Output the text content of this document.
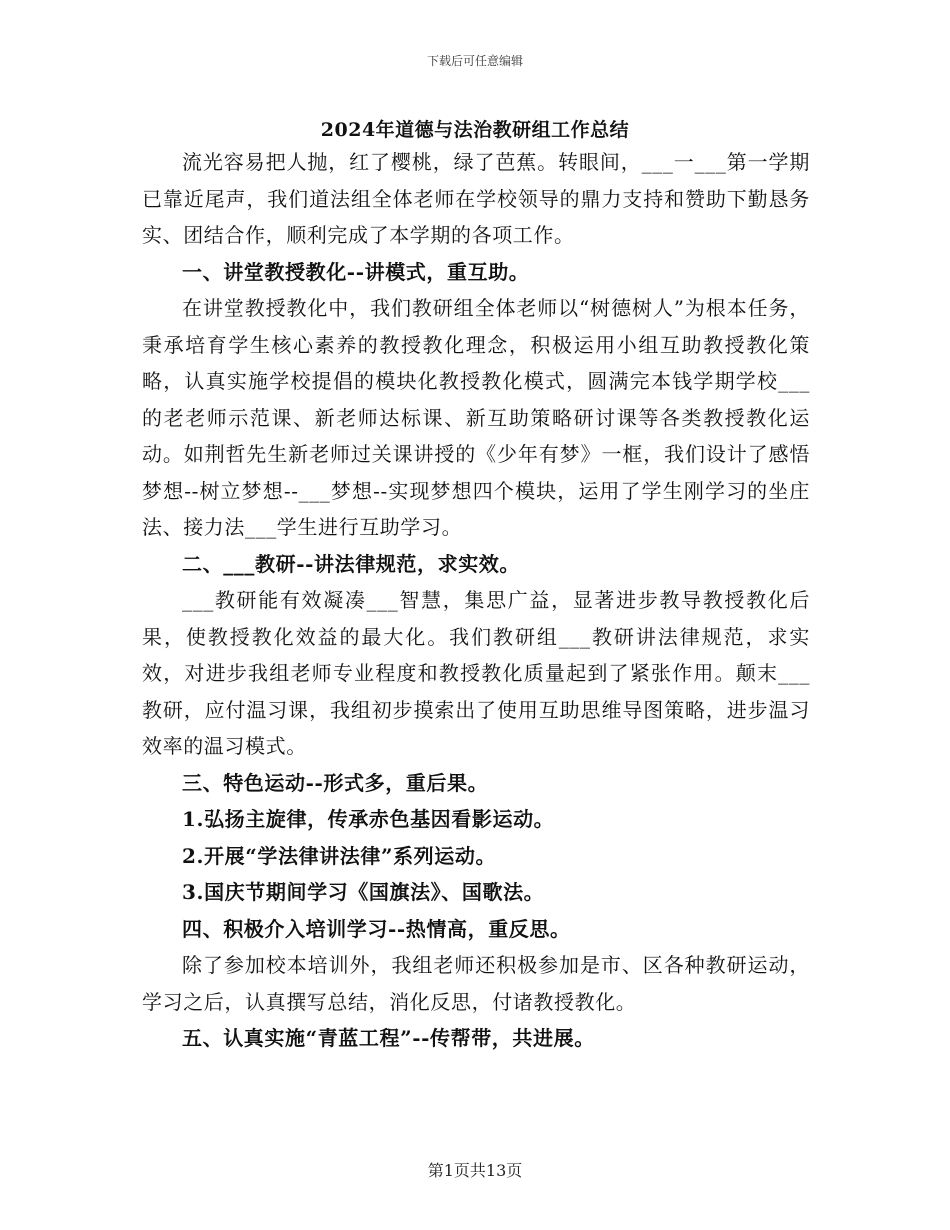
下载后可任意编辑
2024年道德与法治教研组工作总结

流光容易把人抛，红了樱桃，绿了芭蕉。转眼间，___一___第一学期已靠近尾声，我们道法组全体老师在学校领导的鼎力支持和赞助下勤恳务实、团结合作，顺利完成了本学期的各项工作。

一、讲堂教授教化--讲模式，重互助。

在讲堂教授教化中，我们教研组全体老师以“树德树人”为根本任务，秉承培育学生核心素养的教授教化理念，积极运用小组互助教授教化策略，认真实施学校提倡的模块化教授教化模式，圆满完本钱学期学校___的老老师示范课、新老师达标课、新互助策略研讨课等各类教授教化运动。如荆哲先生新老师过关课讲授的《少年有梦》一框，我们设计了感悟梦想--树立梦想--___梦想--实现梦想四个模块，运用了学生刚学习的坐庄法、接力法___学生进行互助学习。

二、___教研--讲法律规范，求实效。

___教研能有效凝凑___智慧，集思广益，显著进步教导教授教化后果，使教授教化效益的最大化。我们教研组___教研讲法律规范，求实效，对进步我组老师专业程度和教授教化质量起到了紧张作用。颠末___教研，应付温习课，我组初步摸索出了使用互助思维导图策略，进步温习效率的温习模式。

三、特色运动--形式多，重后果。

1.弘扬主旋律，传承赤色基因看影运动。

2.开展“学法律讲法律”系列运动。

3.国庆节期间学习《国旗法》、国歌法。

四、积极介入培训学习--热情高，重反思。

除了参加校本培训外，我组老师还积极参加是市、区各种教研运动，学习之后，认真撰写总结，消化反思，付诸教授教化。

五、认真实施“青蓝工程”--传帮带，共进展。

第1页共13页
